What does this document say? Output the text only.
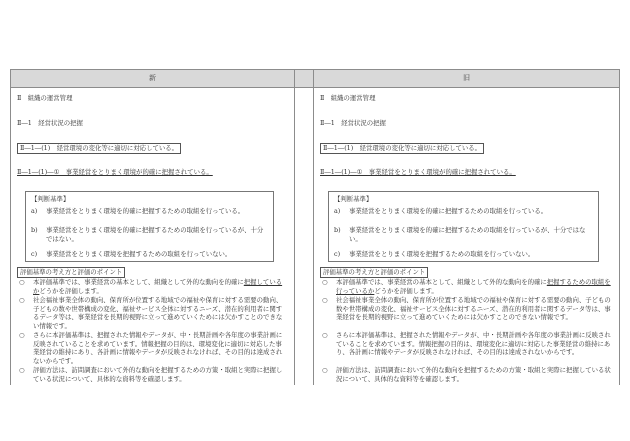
新	旧
Ⅱ　組織の運営管理
Ⅱ―1　経営状況の把握
Ⅱ―1―(1)　経営環境の変化等に適切に対応している。
Ⅱ―1―(1)―①　事業経営をとりまく環境が的確に把握されている。
【判断基準】
a) 事業経営をとりまく環境を的確に把握するための取組を行っている。
b) 事業経営をとりまく環境を的確に把握するための取組を行っているが、十分ではない。
c) 事業経営をとりまく環境を把握するための取組を行っていない。
評価基準の考え方と評価のポイント
○ 本評価基準では、事業経営の基本として、組織として外的な動向を的確に把握しているかどうかを評価します。
○ 社会福祉事業全体の動向、保育所が位置する地域での福祉や保育に対する需要の動向、子どもの数や世帯構成の変化、福祉サービス全体に対するニーズ、潜在的利用者に関するデータ等は、事業経営を長期的視野に立って進めていくためには欠かすことのできない情報です。
○ さらに本評価基準は、把握された情報やデータが、中・長期計画や各年度の事業計画に反映されていることを求めています。情報把握の目的は、環境変化に適切に対応した事業経営の維持にあり、各計画に情報やデータが反映されなければ、その目的は達成されないからです。
○ 評価方法は、訪問調査において外的な動向を把握するための方策・取組と実際に把握している状況について、具体的な資料等を確認します。
Ⅱ　組織の運営管理
Ⅱ―1　経営状況の把握
Ⅱ―1―(1)　経営環境の変化等に適切に対応している。
Ⅱ―1―(1)―①　事業経営をとりまく環境が的確に把握されている。
【判断基準】
a) 事業経営をとりまく環境を的確に把握するための取組を行っている。
b) 事業経営をとりまく環境を的確に把握するための取組を行っているが、十分ではない。
c) 事業経営をとりまく環境を把握するための取組を行っていない。
評価基準の考え方と評価のポイント
○ 本評価基準では、事業経営の基本として、組織として外的な動向を的確に把握するための取組を行っているかどうかを評価します。
○ 社会福祉事業全体の動向、保育所が位置する地域での福祉や保育に対する需要の動向、子どもの数や世帯構成の変化、福祉サービス全体に対するニーズ、潜在的利用者に関するデータ等は、事業経営を長期的視野に立って進めていくためには欠かすことのできない情報です。
○ さらに本評価基準は、把握された情報やデータが、中・長期計画や各年度の事業計画に反映されていることを求めています。情報把握の目的は、環境変化に適切に対応した事業経営の維持にあり、各計画に情報やデータが反映されなければ、その目的は達成されないからです。
○ 評価方法は、訪問調査において外的な動向を把握するための方策・取組と実際に把握している状況について、具体的な資料等を確認します。
